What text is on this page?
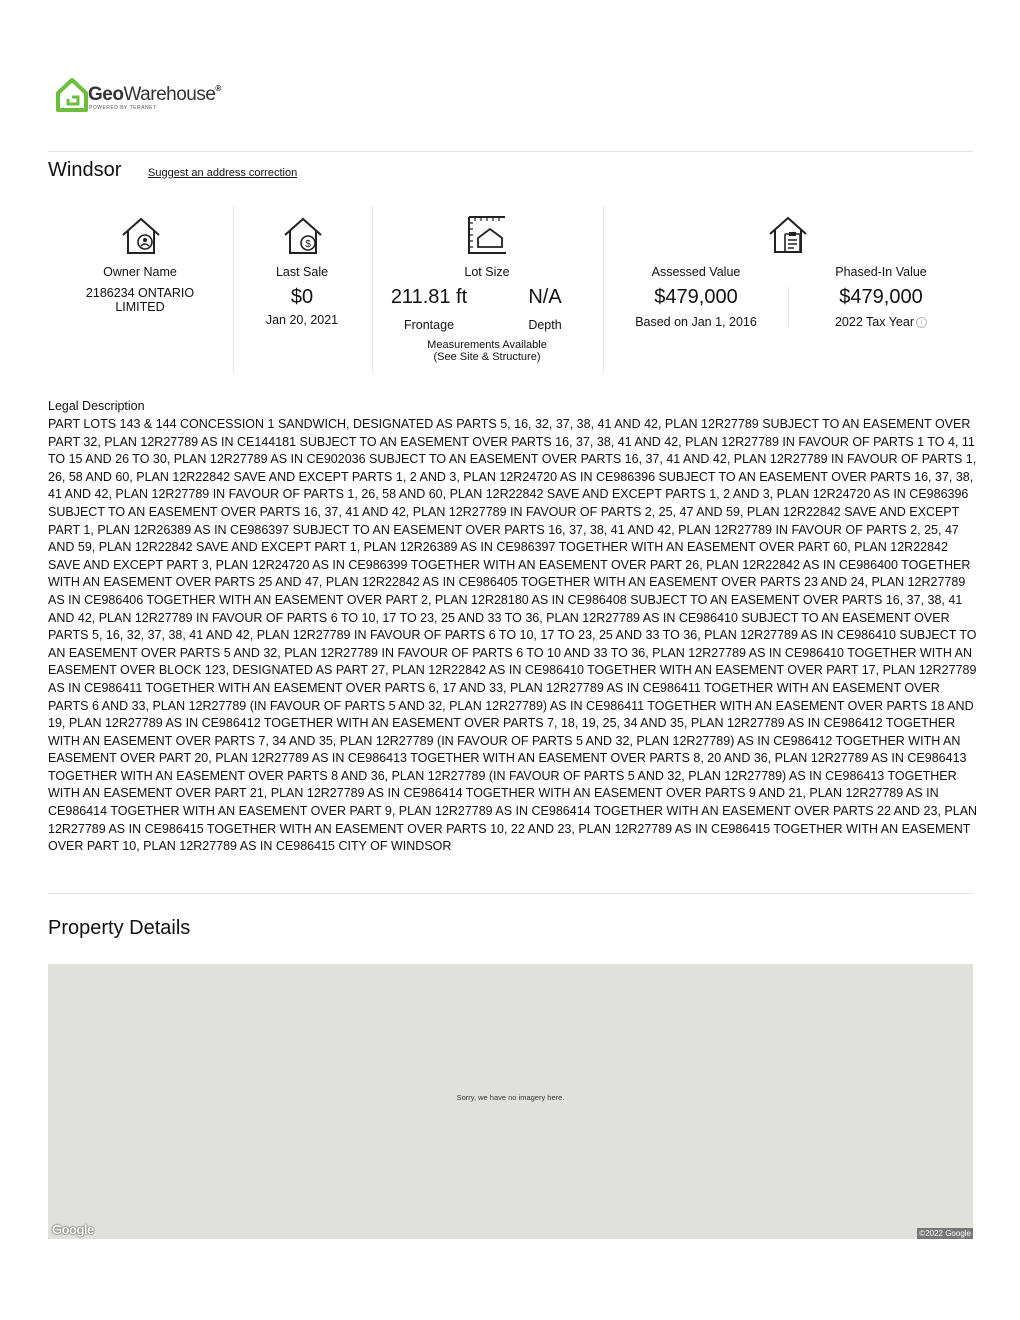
GeoWarehouse®
POWERED BY TERANET
Windsor Suggest an address correction
Owner Name
2186234 ONTARIO LIMITED
$
Last Sale
$0
Jan 20, 2021
Lot Size
211.81 ft	N/A
Frontage	Depth
Measurements Available
(See Site & Structure)
Assessed Value
$479,000
Based on Jan 1, 2016
Phased-In Value
$479,000
2022 Tax Year i
Legal Description
PART LOTS 143 & 144 CONCESSION 1 SANDWICH, DESIGNATED AS PARTS 5, 16, 32, 37, 38, 41 AND 42, PLAN 12R27789 SUBJECT TO AN EASEMENT OVER PART 32, PLAN 12R27789 AS IN CE144181 SUBJECT TO AN EASEMENT OVER PARTS 16, 37, 38, 41 AND 42, PLAN 12R27789 IN FAVOUR OF PARTS 1 TO 4, 11 TO 15 AND 26 TO 30, PLAN 12R27789 AS IN CE902036 SUBJECT TO AN EASEMENT OVER PARTS 16, 37, 41 AND 42, PLAN 12R27789 IN FAVOUR OF PARTS 1, 26, 58 AND 60, PLAN 12R22842 SAVE AND EXCEPT PARTS 1, 2 AND 3, PLAN 12R24720 AS IN CE986396 SUBJECT TO AN EASEMENT OVER PARTS 16, 37, 38, 41 AND 42, PLAN 12R27789 IN FAVOUR OF PARTS 1, 26, 58 AND 60, PLAN 12R22842 SAVE AND EXCEPT PARTS 1, 2 AND 3, PLAN 12R24720 AS IN CE986396 SUBJECT TO AN EASEMENT OVER PARTS 16, 37, 41 AND 42, PLAN 12R27789 IN FAVOUR OF PARTS 2, 25, 47 AND 59, PLAN 12R22842 SAVE AND EXCEPT PART 1, PLAN 12R26389 AS IN CE986397 SUBJECT TO AN EASEMENT OVER PARTS 16, 37, 38, 41 AND 42, PLAN 12R27789 IN FAVOUR OF PARTS 2, 25, 47 AND 59, PLAN 12R22842 SAVE AND EXCEPT PART 1, PLAN 12R26389 AS IN CE986397 TOGETHER WITH AN EASEMENT OVER PART 60, PLAN 12R22842 SAVE AND EXCEPT PART 3, PLAN 12R24720 AS IN CE986399 TOGETHER WITH AN EASEMENT OVER PART 26, PLAN 12R22842 AS IN CE986400 TOGETHER WITH AN EASEMENT OVER PARTS 25 AND 47, PLAN 12R22842 AS IN CE986405 TOGETHER WITH AN EASEMENT OVER PARTS 23 AND 24, PLAN 12R27789 AS IN CE986406 TOGETHER WITH AN EASEMENT OVER PART 2, PLAN 12R28180 AS IN CE986408 SUBJECT TO AN EASEMENT OVER PARTS 16, 37, 38, 41 AND 42, PLAN 12R27789 IN FAVOUR OF PARTS 6 TO 10, 17 TO 23, 25 AND 33 TO 36, PLAN 12R27789 AS IN CE986410 SUBJECT TO AN EASEMENT OVER PARTS 5, 16, 32, 37, 38, 41 AND 42, PLAN 12R27789 IN FAVOUR OF PARTS 6 TO 10, 17 TO 23, 25 AND 33 TO 36, PLAN 12R27789 AS IN CE986410 SUBJECT TO AN EASEMENT OVER PARTS 5 AND 32, PLAN 12R27789 IN FAVOUR OF PARTS 6 TO 10 AND 33 TO 36, PLAN 12R27789 AS IN CE986410 TOGETHER WITH AN EASEMENT OVER BLOCK 123, DESIGNATED AS PART 27, PLAN 12R22842 AS IN CE986410 TOGETHER WITH AN EASEMENT OVER PART 17, PLAN 12R27789 AS IN CE986411 TOGETHER WITH AN EASEMENT OVER PARTS 6, 17 AND 33, PLAN 12R27789 AS IN CE986411 TOGETHER WITH AN EASEMENT OVER PARTS 6 AND 33, PLAN 12R27789 (IN FAVOUR OF PARTS 5 AND 32, PLAN 12R27789) AS IN CE986411 TOGETHER WITH AN EASEMENT OVER PARTS 18 AND 19, PLAN 12R27789 AS IN CE986412 TOGETHER WITH AN EASEMENT OVER PARTS 7, 18, 19, 25, 34 AND 35, PLAN 12R27789 AS IN CE986412 TOGETHER WITH AN EASEMENT OVER PARTS 7, 34 AND 35, PLAN 12R27789 (IN FAVOUR OF PARTS 5 AND 32, PLAN 12R27789) AS IN CE986412 TOGETHER WITH AN EASEMENT OVER PART 20, PLAN 12R27789 AS IN CE986413 TOGETHER WITH AN EASEMENT OVER PARTS 8, 20 AND 36, PLAN 12R27789 AS IN CE986413 TOGETHER WITH AN EASEMENT OVER PARTS 8 AND 36, PLAN 12R27789 (IN FAVOUR OF PARTS 5 AND 32, PLAN 12R27789) AS IN CE986413 TOGETHER WITH AN EASEMENT OVER PART 21, PLAN 12R27789 AS IN CE986414 TOGETHER WITH AN EASEMENT OVER PARTS 9 AND 21, PLAN 12R27789 AS IN CE986414 TOGETHER WITH AN EASEMENT OVER PART 9, PLAN 12R27789 AS IN CE986414 TOGETHER WITH AN EASEMENT OVER PARTS 22 AND 23, PLAN 12R27789 AS IN CE986415 TOGETHER WITH AN EASEMENT OVER PARTS 10, 22 AND 23, PLAN 12R27789 AS IN CE986415 TOGETHER WITH AN EASEMENT OVER PART 10, PLAN 12R27789 AS IN CE986415 CITY OF WINDSOR
Property Details
Sorry, we have no imagery here.
Google	©2022 Google
